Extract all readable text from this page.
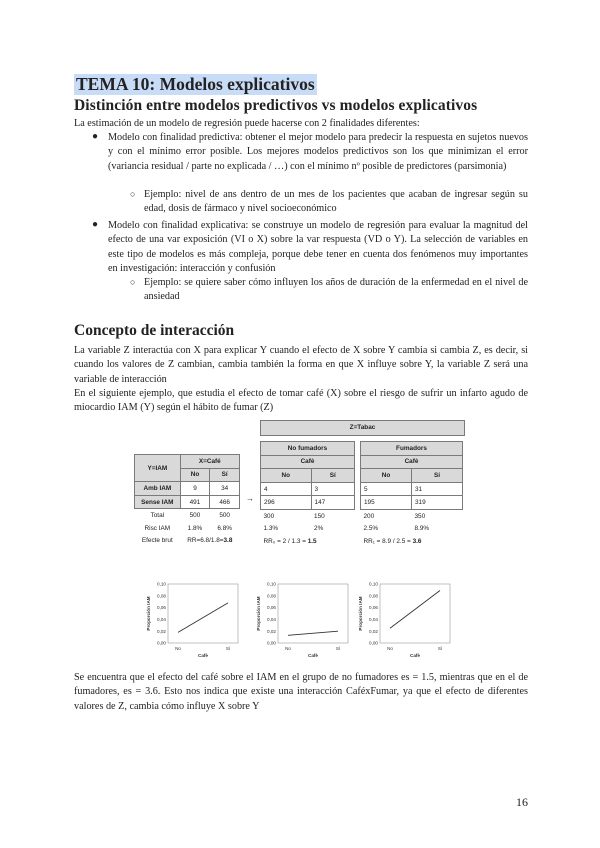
TEMA 10: Modelos explicativos
Distinción entre modelos predictivos vs modelos explicativos
La estimación de un modelo de regresión puede hacerse con 2 finalidades diferentes:
● Modelo con finalidad predictiva: obtener el mejor modelo para predecir la respuesta en sujetos nuevos y con el mínimo error posible. Los mejores modelos predictivos son los que minimizan el error (variancia residual / parte no explicada / …) con el mínimo nº posible de predictores (parsimonia)
○ Ejemplo: nivel de ans dentro de un mes de los pacientes que acaban de ingresar según su edad, dosis de fármaco y nivel socioeconómico
● Modelo con finalidad explicativa: se construye un modelo de regresión para evaluar la magnitud del efecto de una var exposición (VI o X) sobre la var respuesta (VD o Y). La selección de variables en este tipo de modelos es más compleja, porque debe tener en cuenta dos fenómenos muy importantes en investigación: interacción y confusión
○ Ejemplo: se quiere saber cómo influyen los años de duración de la enfermedad en el nivel de ansiedad
Concepto de interacción
La variable Z interactúa con X para explicar Y cuando el efecto de X sobre Y cambia si cambia Z, es decir, si cuando los valores de Z cambian, cambia también la forma en que X influye sobre Y, la variable Z será una variable de interacción
En el siguiente ejemplo, que estudia el efecto de tomar café (X) sobre el riesgo de sufrir un infarto agudo de miocardio IAM (Y) según el hábito de fumar (Z)
Z=Tabac
Y=IAM	X=Café	
	No	Sí
Amb IAM	9	34
Sense IAM	491	466
Total	500	500
Risc IAM	1.8%	6.8%
Efecte brut	RR=6.8/1.8=3.8	
→
No fumadors	
Cafè	
No	Sí
4	3
296	147
300	150
1.3%	2%
RR₀ = 2 / 1.3 = 1.5	
Fumadors	
Cafè	
No	Sí
5	31
195	319
200	350
2.5%	8.9%
RR₁ = 8.9 / 2.5 = 3.6	
0,10
0,08
0,06
0,04
0,02
0,00
No	Sí
Cafè
Proporción IAM
0,10
0,08
0,06
0,04
0,02
0,00
No	Sí
Cafè
Proporción IAM
0,10
0,08
0,06
0,04
0,02
0,00
No	Sí
Cafè
Proporción IAM
Se encuentra que el efecto del café sobre el IAM en el grupo de no fumadores es = 1.5, mientras que en el de fumadores, es = 3.6. Esto nos indica que existe una interacción CaféxFumar, ya que el efecto de diferentes valores de Z, cambia cómo influye X sobre Y
16
